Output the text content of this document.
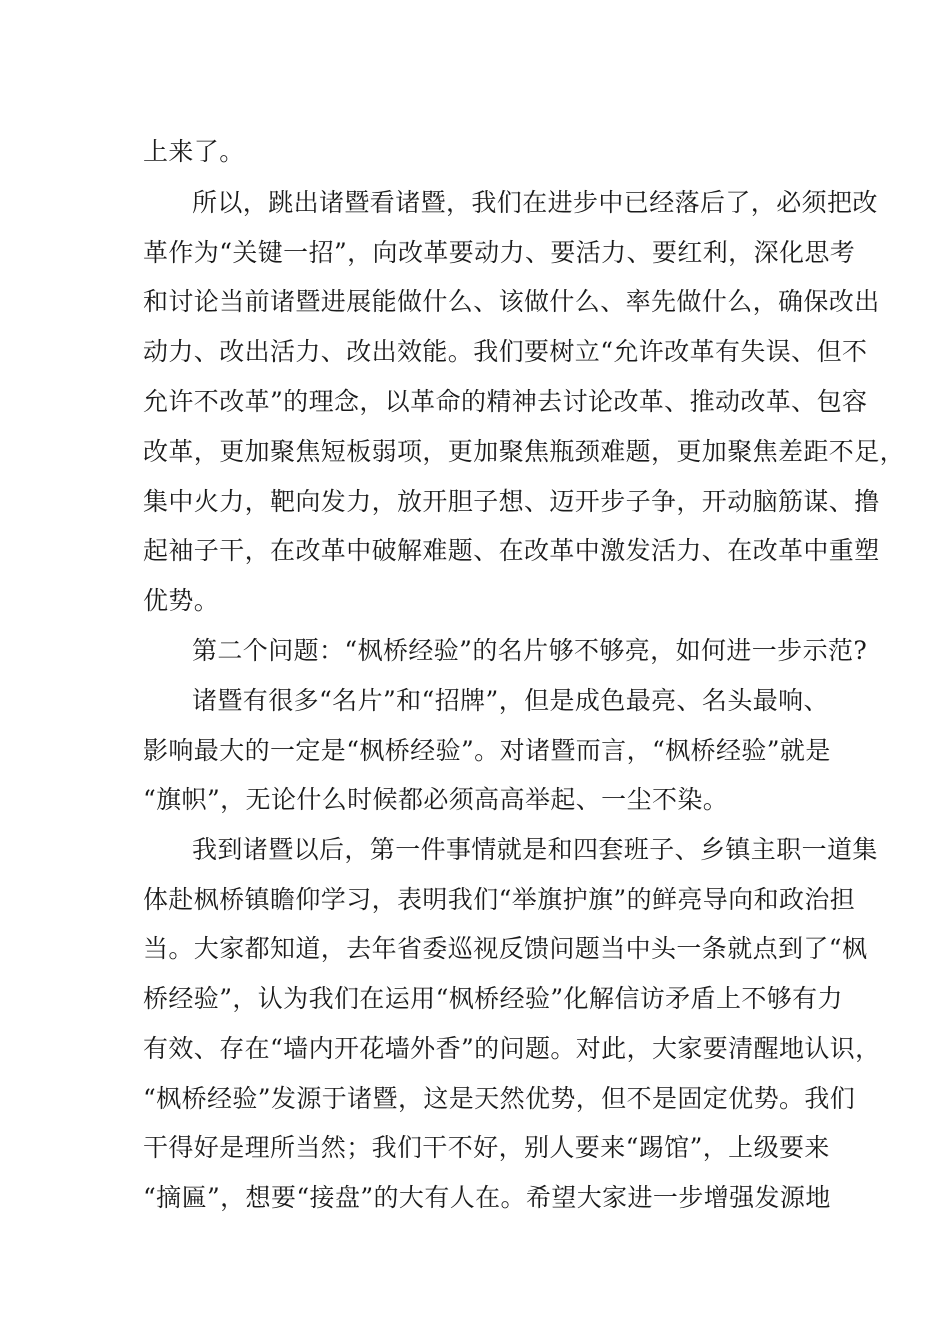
上来了。
所以，跳出诸暨看诸暨，我们在进步中已经落后了，必须把改
革作为“关键一招”，向改革要动力、要活力、要红利，深化思考
和讨论当前诸暨进展能做什么、该做什么、率先做什么，确保改出
动力、改出活力、改出效能。我们要树立“允许改革有失误、但不
允许不改革”的理念，以革命的精神去讨论改革、推动改革、包容
改革，更加聚焦短板弱项，更加聚焦瓶颈难题，更加聚焦差距不足，
集中火力，靶向发力，放开胆子想、迈开步子争，开动脑筋谋、撸
起袖子干，在改革中破解难题、在改革中激发活力、在改革中重塑
优势。
第二个问题：“枫桥经验”的名片够不够亮，如何进一步示范?
诸暨有很多“名片”和“招牌”，但是成色最亮、名头最响、
影响最大的一定是“枫桥经验”。对诸暨而言，“枫桥经验”就是
“旗帜”，无论什么时候都必须高高举起、一尘不染。
我到诸暨以后，第一件事情就是和四套班子、乡镇主职一道集
体赴枫桥镇瞻仰学习，表明我们“举旗护旗”的鲜亮导向和政治担
当。大家都知道，去年省委巡视反馈问题当中头一条就点到了“枫
桥经验”，认为我们在运用“枫桥经验”化解信访矛盾上不够有力
有效、存在“墙内开花墙外香”的问题。对此，大家要清醒地认识，
“枫桥经验”发源于诸暨，这是天然优势，但不是固定优势。我们
干得好是理所当然；我们干不好，别人要来“踢馆”，上级要来
“摘匾”，想要“接盘”的大有人在。希望大家进一步增强发源地
